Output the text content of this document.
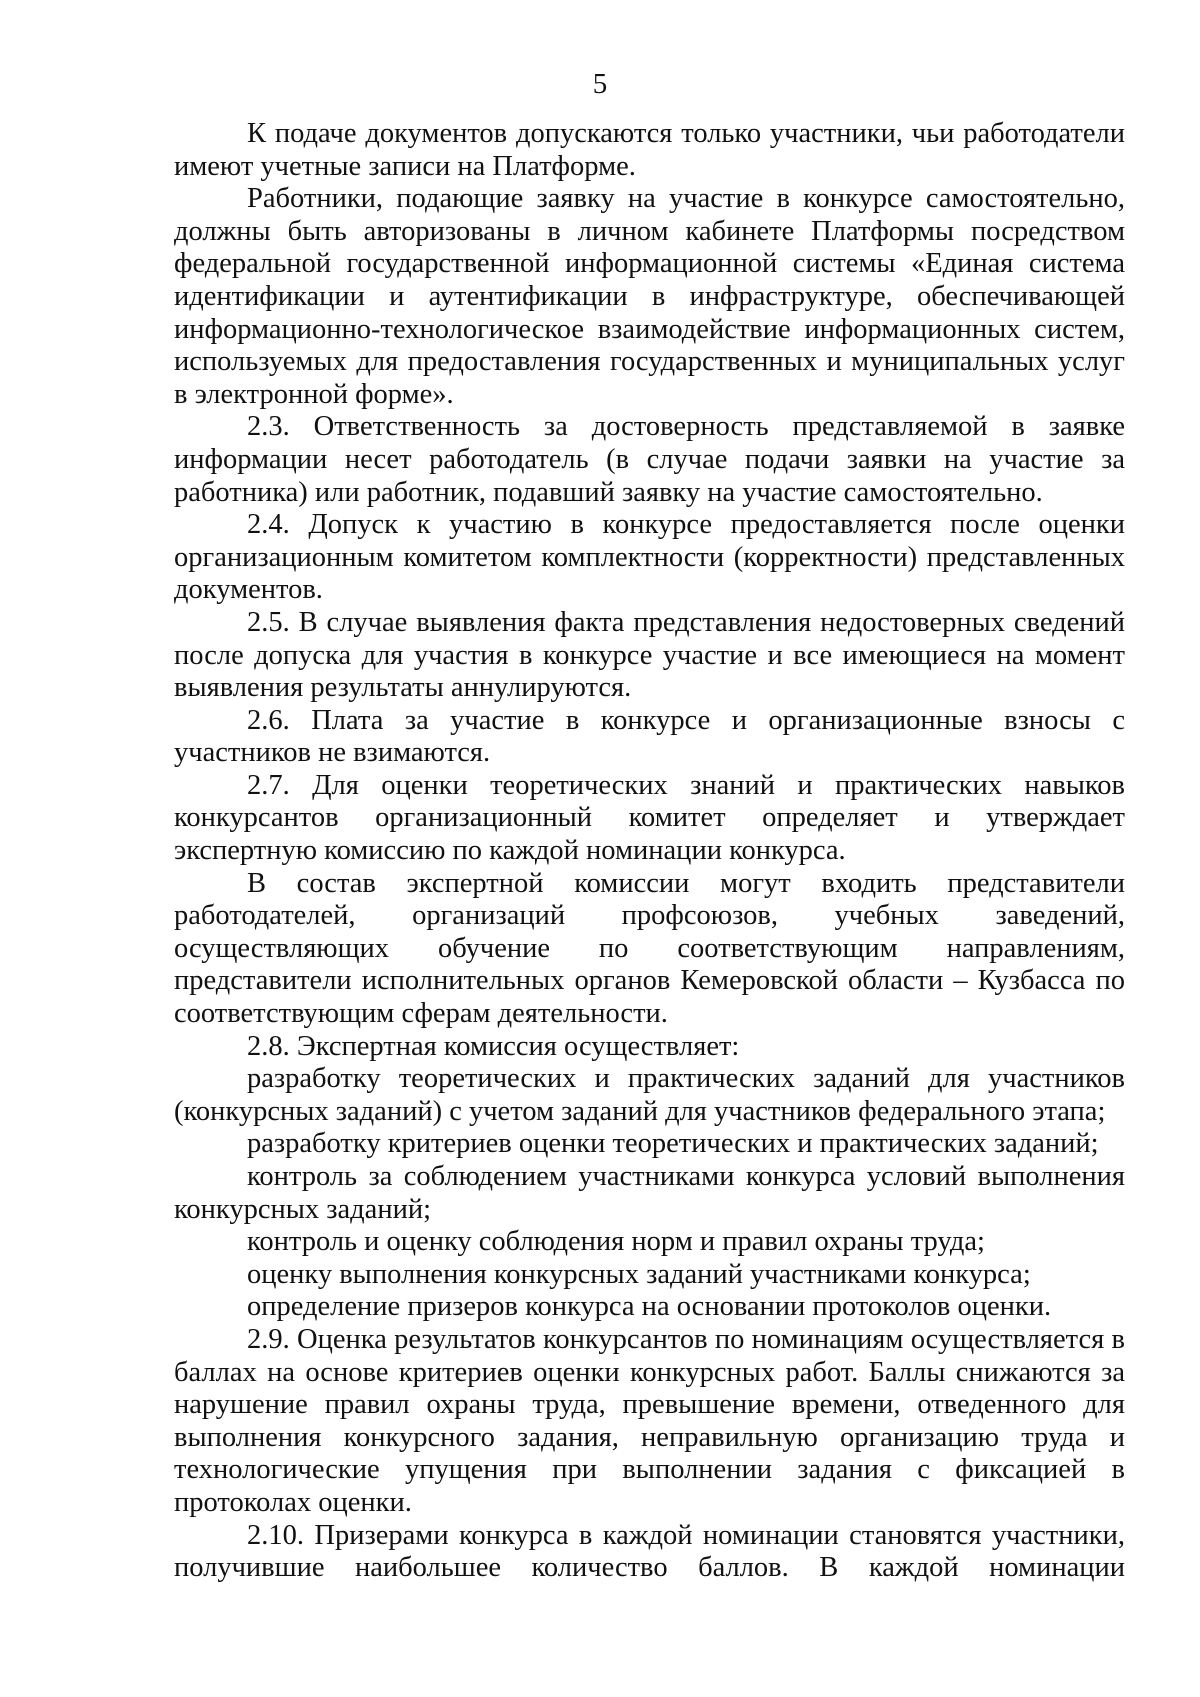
5

К подаче документов допускаются только участники, чьи работодатели имеют учетные записи на Платформе.

Работники, подающие заявку на участие в конкурсе самостоятельно, должны быть авторизованы в личном кабинете Платформы посредством федеральной государственной информационной системы «Единая система идентификации и аутентификации в инфраструктуре, обеспечивающей информационно-технологическое взаимодействие информационных систем, используемых для предоставления государственных и муниципальных услуг в электронной форме».

2.3. Ответственность за достоверность представляемой в заявке информации несет работодатель (в случае подачи заявки на участие за работника) или работник, подавший заявку на участие самостоятельно.

2.4. Допуск к участию в конкурсе предоставляется после оценки организационным комитетом комплектности (корректности) представленных документов.

2.5. В случае выявления факта представления недостоверных сведений после допуска для участия в конкурсе участие и все имеющиеся на момент выявления результаты аннулируются.

2.6. Плата за участие в конкурсе и организационные взносы с участников не взимаются.

2.7. Для оценки теоретических знаний и практических навыков конкурсантов организационный комитет определяет и утверждает экспертную комиссию по каждой номинации конкурса.

В состав экспертной комиссии могут входить представители работодателей, организаций профсоюзов, учебных заведений, осуществляющих обучение по соответствующим направлениям, представители исполнительных органов Кемеровской области – Кузбасса по соответствующим сферам деятельности.

2.8. Экспертная комиссия осуществляет:

разработку теоретических и практических заданий для участников (конкурсных заданий) с учетом заданий для участников федерального этапа;

разработку критериев оценки теоретических и практических заданий;

контроль за соблюдением участниками конкурса условий выполнения конкурсных заданий;

контроль и оценку соблюдения норм и правил охраны труда;

оценку выполнения конкурсных заданий участниками конкурса;

определение призеров конкурса на основании протоколов оценки.

2.9. Оценка результатов конкурсантов по номинациям осуществляется в баллах на основе критериев оценки конкурсных работ. Баллы снижаются за нарушение правил охраны труда, превышение времени, отведенного для выполнения конкурсного задания, неправильную организацию труда и технологические упущения при выполнении задания с фиксацией в протоколах оценки.

2.10. Призерами конкурса в каждой номинации становятся участники, получившие наибольшее количество баллов. В каждой номинации
